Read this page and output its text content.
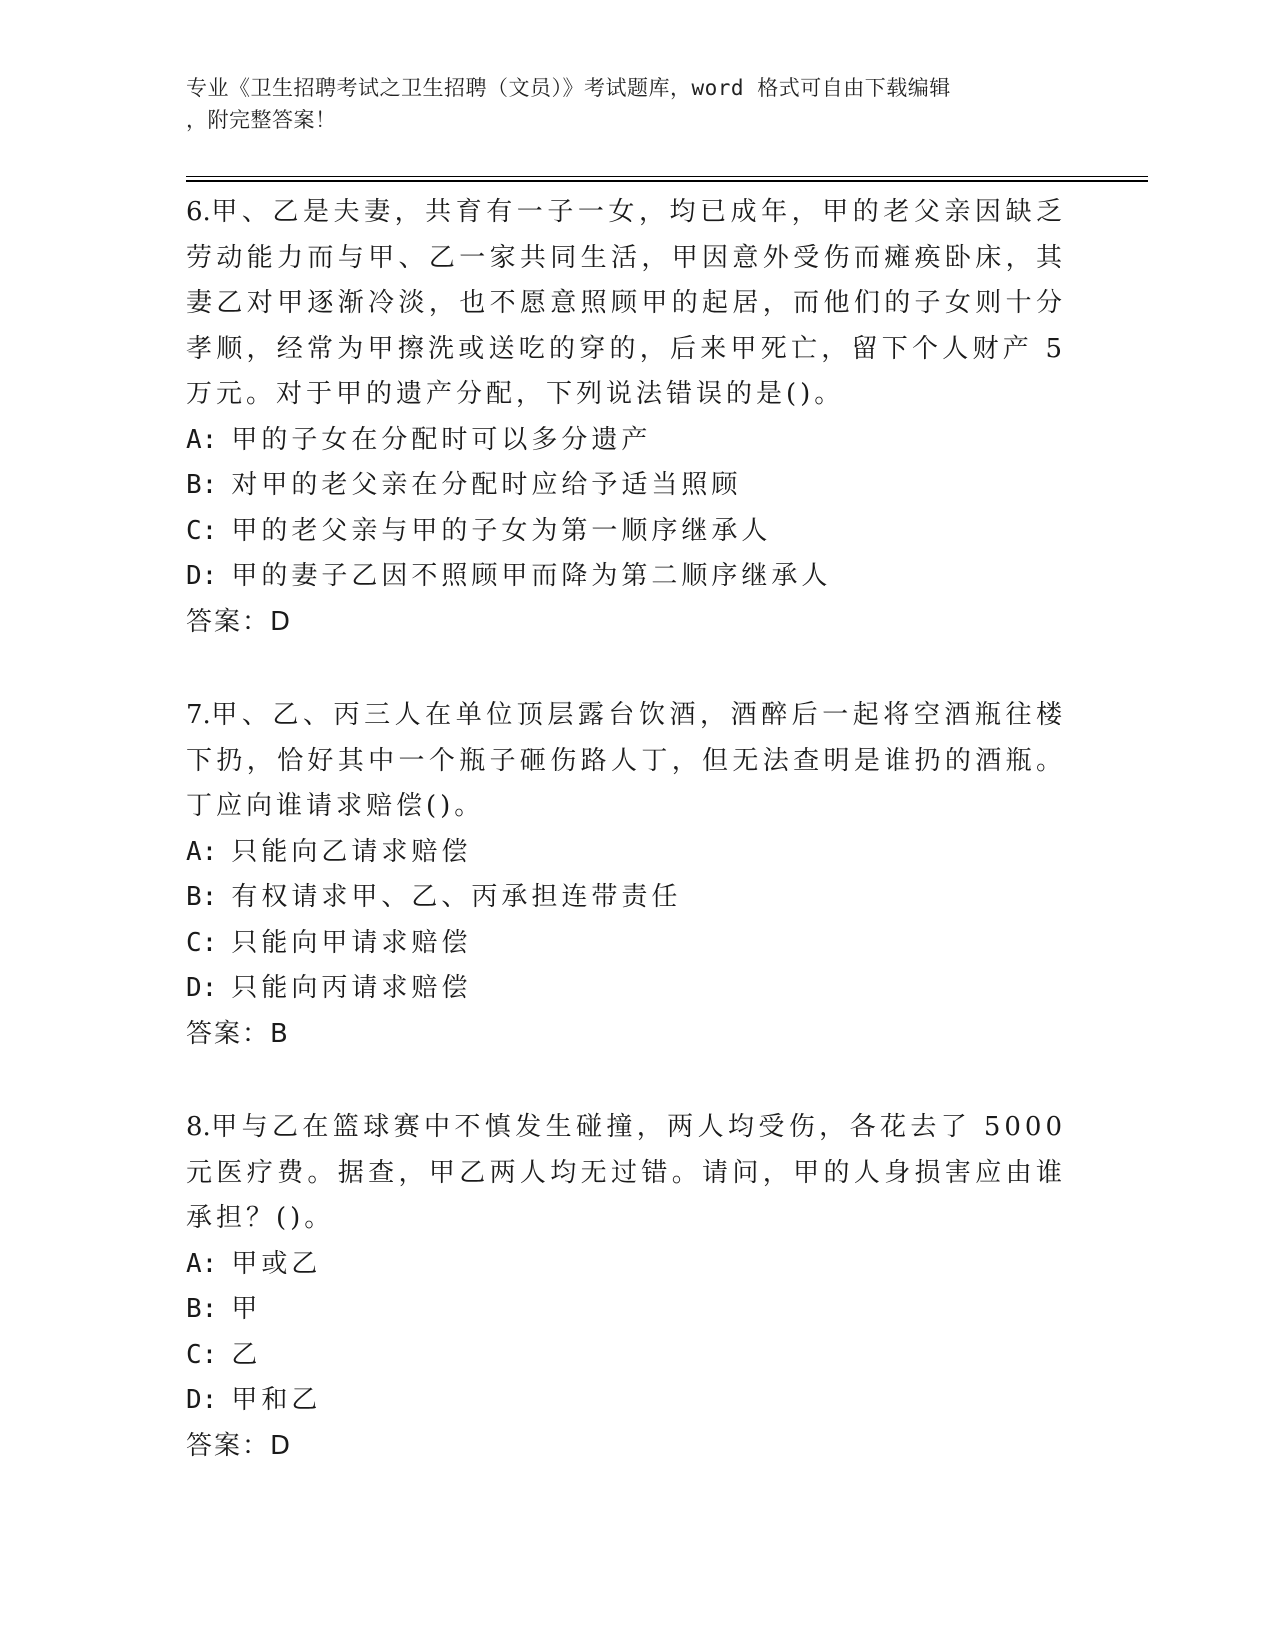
专业《卫生招聘考试之卫生招聘（文员）》考试题库，word 格式可自由下载编辑
，附完整答案！
6.甲、乙是夫妻，共育有一子一女，均已成年，甲的老父亲因缺乏劳动能力而与甲、乙一家共同生活，甲因意外受伤而瘫痪卧床，其妻乙对甲逐渐冷淡，也不愿意照顾甲的起居，而他们的子女则十分孝顺，经常为甲擦洗或送吃的穿的，后来甲死亡，留下个人财产 5 万元。对于甲的遗产分配，下列说法错误的是()。
A: 甲的子女在分配时可以多分遗产
B: 对甲的老父亲在分配时应给予适当照顾
C: 甲的老父亲与甲的子女为第一顺序继承人
D: 甲的妻子乙因不照顾甲而降为第二顺序继承人
答案：D
7.甲、乙、丙三人在单位顶层露台饮酒，酒醉后一起将空酒瓶往楼下扔，恰好其中一个瓶子砸伤路人丁，但无法查明是谁扔的酒瓶。丁应向谁请求赔偿()。
A: 只能向乙请求赔偿
B: 有权请求甲、乙、丙承担连带责任
C: 只能向甲请求赔偿
D: 只能向丙请求赔偿
答案：B
8.甲与乙在篮球赛中不慎发生碰撞，两人均受伤，各花去了 5000 元医疗费。据查，甲乙两人均无过错。请问，甲的人身损害应由谁承担？()。
A: 甲或乙
B: 甲
C: 乙
D: 甲和乙
答案：D
